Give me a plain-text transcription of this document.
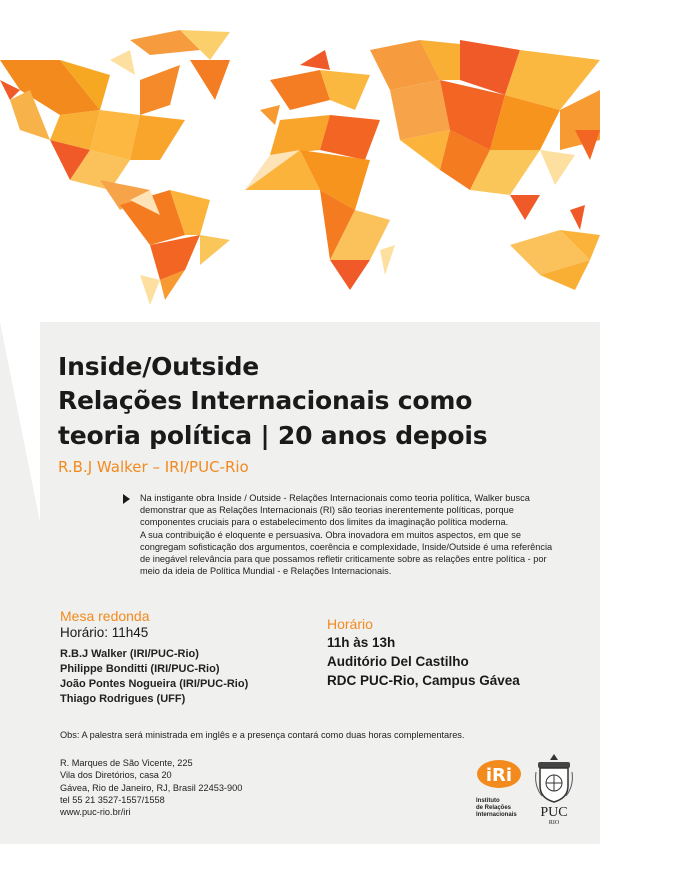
Inside/Outside
Relações Internacionais como
teoria política | 20 anos depois
R.B.J Walker – IRI/PUC-Rio

Na instigante obra Inside / Outside - Relações Internacionais como teoria política, Walker busca demonstrar que as Relações Internacionais (RI) são teorias inerentemente políticas, porque componentes cruciais para o estabelecimento dos limites da imaginação política moderna.

A sua contribuição é eloquente e persuasiva. Obra inovadora em muitos aspectos, em que se congregam sofisticação dos argumentos, coerência e complexidade, Inside/Outside é uma referência de inegável relevância para que possamos refletir criticamente sobre as relações entre política - por meio da ideia de Política Mundial - e Relações Internacionais.

Mesa redonda
Horário: 11h45
R.B.J Walker (IRI/PUC-Rio)
Philippe Bonditti (IRI/PUC-Rio)
João Pontes Nogueira (IRI/PUC-Rio)
Thiago Rodrigues (UFF)
Horário
11h às 13h
Auditório Del Castilho
RDC PUC-Rio, Campus Gávea
Obs: A palestra será ministrada em inglês e a presença contará como duas horas complementares.
R. Marques de São Vicente, 225
Vila dos Diretórios, casa 20
Gávea, Rio de Janeiro, RJ, Brasil 22453-900
tel 55 21 3527-1557/1558
www.puc-rio.br/iri
iRi
Instituto
de Relações
Internacionais PUC
RIO
